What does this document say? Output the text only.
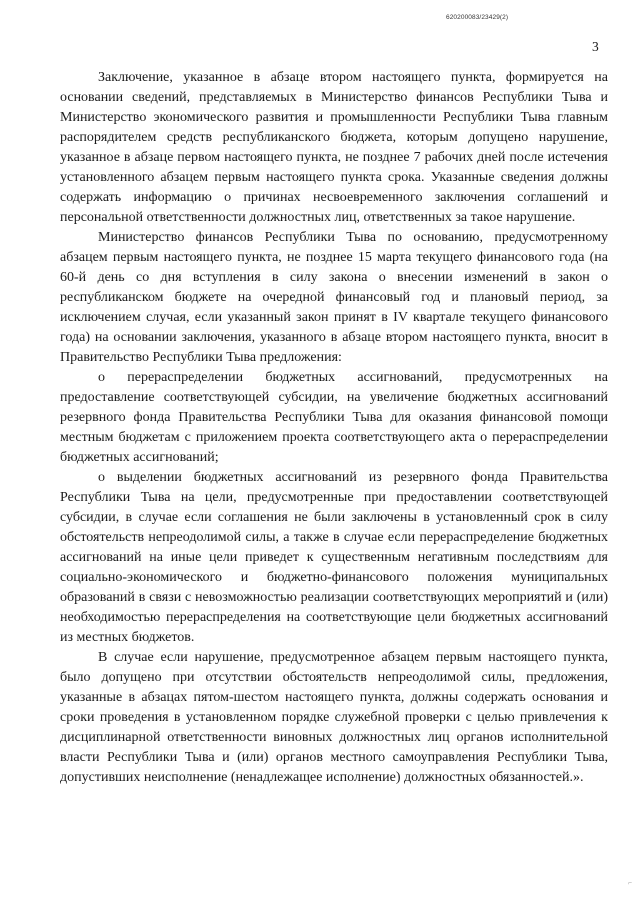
620200083/23429(2)
3

Заключение, указанное в абзаце втором настоящего пункта, формируется на основании сведений, представляемых в Министерство финансов Республики Тыва и Министерство экономического развития и промышленности Республики Тыва главным распорядителем средств республиканского бюджета, которым допущено нарушение, указанное в абзаце первом настоящего пункта, не позднее 7 рабочих дней после истечения установленного абзацем первым настоящего пункта срока. Указанные сведения должны содержать информацию о причинах несвоевременного заключения соглашений и персональной ответственности должностных лиц, ответственных за такое нарушение.

Министерство финансов Республики Тыва по основанию, предусмотренному абзацем первым настоящего пункта, не позднее 15 марта текущего финансового года (на 60-й день со дня вступления в силу закона о внесении изменений в закон о республиканском бюджете на очередной финансовый год и плановый период, за исключением случая, если указанный закон принят в IV квартале текущего финансового года) на основании заключения, указанного в абзаце втором настоящего пункта, вносит в Правительство Республики Тыва предложения:

о перераспределении бюджетных ассигнований, предусмотренных на предоставление соответствующей субсидии, на увеличение бюджетных ассигнований резервного фонда Правительства Республики Тыва для оказания финансовой помощи местным бюджетам с приложением проекта соответствующего акта о перераспределении бюджетных ассигнований;

о выделении бюджетных ассигнований из резервного фонда Правительства Республики Тыва на цели, предусмотренные при предоставлении соответствующей субсидии, в случае если соглашения не были заключены в установленный срок в силу обстоятельств непреодолимой силы, а также в случае если перераспределение бюджетных ассигнований на иные цели приведет к существенным негативным последствиям для социально-экономического и бюджетно-финансового положения муниципальных образований в связи с невозможностью реализации соответствующих мероприятий и (или) необходимостью перераспределения на соответствующие цели бюджетных ассигнований из местных бюджетов.

В случае если нарушение, предусмотренное абзацем первым настоящего пункта, было допущено при отсутствии обстоятельств непреодолимой силы, предложения, указанные в абзацах пятом-шестом настоящего пункта, должны содержать основания и сроки проведения в установленном порядке служебной проверки с целью привлечения к дисциплинарной ответственности виновных должностных лиц органов исполнительной власти Республики Тыва и (или) органов местного самоуправления Республики Тыва, допустивших неисполнение (ненадлежащее исполнение) должностных обязанностей.».

⌐
